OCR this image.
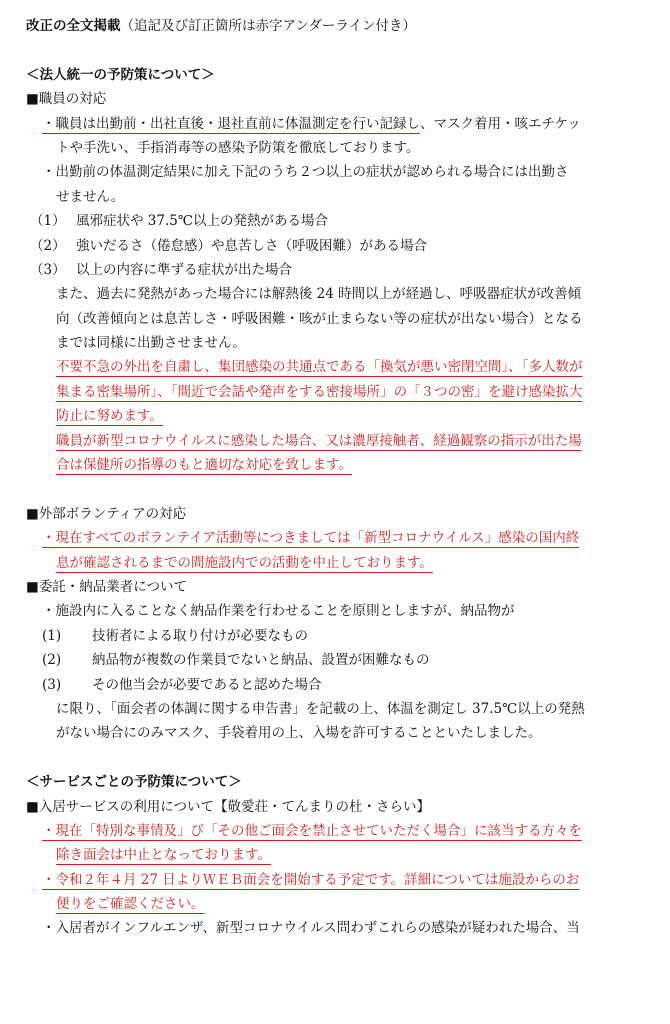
改正の全文掲載（追記及び訂正箇所は赤字アンダーライン付き）
＜法人統一の予防策について＞
■職員の対応
・職員は出勤前・出社直後・退社直前に体温測定を行い記録し、マスク着用・咳エチケッ
トや手洗い、手指消毒等の感染予防策を徹底しております。
・出勤前の体温測定結果に加え下記のうち２つ以上の症状が認められる場合には出勤さ
せません。
（1） 風邪症状や 37.5℃以上の発熱がある場合
（2） 強いだるさ（倦怠感）や息苦しさ（呼吸困難）がある場合
（3） 以上の内容に準ずる症状が出た場合
また、過去に発熱があった場合には解熱後 24 時間以上が経過し、呼吸器症状が改善傾
向（改善傾向とは息苦しさ・呼吸困難・咳が止まらない等の症状が出ない場合）となる
までは同様に出勤させません。
不要不急の外出を自粛し、集団感染の共通点である「換気が悪い密閉空間」、「多人数が
集まる密集場所」、「間近で会話や発声をする密接場所」の「３つの密」を避け感染拡大
防止に努めます。
職員が新型コロナウイルスに感染した場合、又は濃厚接触者、経過観察の指示が出た場
合は保健所の指導のもと適切な対応を致します。
■外部ボランティアの対応
・現在すべてのボランテイア活動等につきましては「新型コロナウイルス」感染の国内終
息が確認されるまでの間施設内での活動を中止しております。
■委託・納品業者について
・施設内に入ることなく納品作業を行わせることを原則としますが、納品物が
(1) 技術者による取り付けが必要なもの
(2) 納品物が複数の作業員でないと納品、設置が困難なもの
(3) その他当会が必要であると認めた場合
に限り、「面会者の体調に関する申告書」を記載の上、体温を測定し 37.5℃以上の発熱
がない場合にのみマスク、手袋着用の上、入場を許可することといたしました。
＜サービスごとの予防策について＞
■入居サービスの利用について【敬愛荘・てんまりの杜・さらい】
・現在「特別な事情及」び「その他ご面会を禁止させていただく場合」に該当する方々を
除き面会は中止となっております。
・令和２年４月 27 日よりＷＥＢ面会を開始する予定です。詳細については施設からのお
便りをご確認ください。
・入居者がインフルエンザ、新型コロナウイルス問わずこれらの感染が疑われた場合、当
